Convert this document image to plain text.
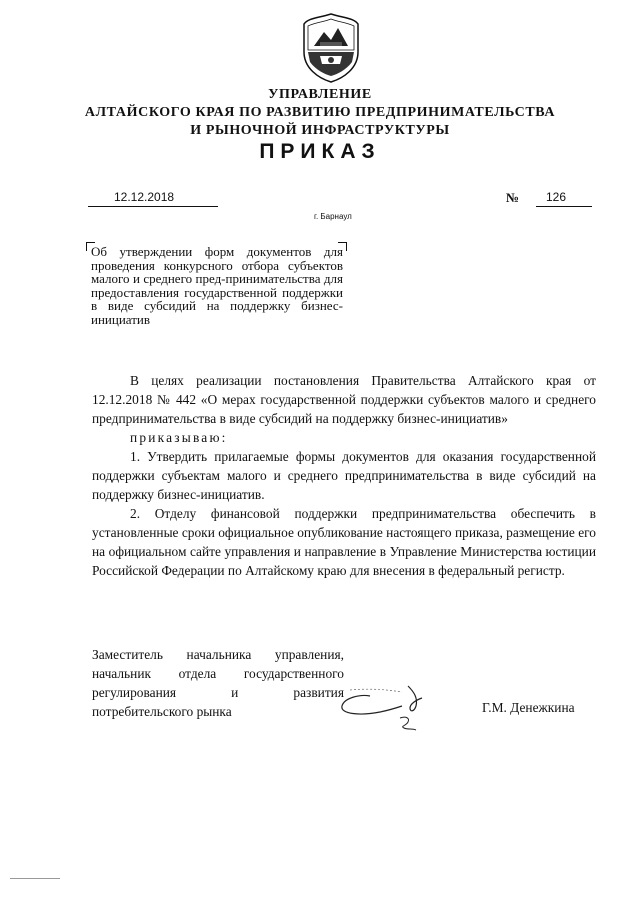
УПРАВЛЕНИЕ
АЛТАЙСКОГО КРАЯ ПО РАЗВИТИЮ ПРЕДПРИНИМАТЕЛЬСТВА
И РЫНОЧНОЙ ИНФРАСТРУКТУРЫ
ПРИКАЗ
12.12.2018	№ 126
г. Барнаул
Об утверждении форм документов для проведения конкурсного отбора субъектов малого и среднего пред-принимательства для предоставления государственной поддержки в виде субсидий на поддержку бизнес-инициатив

В целях реализации постановления Правительства Алтайского края от 12.12.2018 № 442 «О мерах государственной поддержки субъектов малого и среднего предпринимательства в виде субсидий на поддержку бизнес-инициатив»

приказываю:

1. Утвердить прилагаемые формы документов для оказания государственной поддержки субъектам малого и среднего предпринимательства в виде субсидий на поддержку бизнес-инициатив.

2. Отделу финансовой поддержки предпринимательства обеспечить в установленные сроки официальное опубликование настоящего приказа, размещение его на официальном сайте управления и направление в Управление Министерства юстиции Российской Федерации по Алтайскому краю для внесения в федеральный регистр.

Заместитель начальника управления, начальник отдела государственного регулирования и развития потребительского рынка	Г.М. Денежкина
